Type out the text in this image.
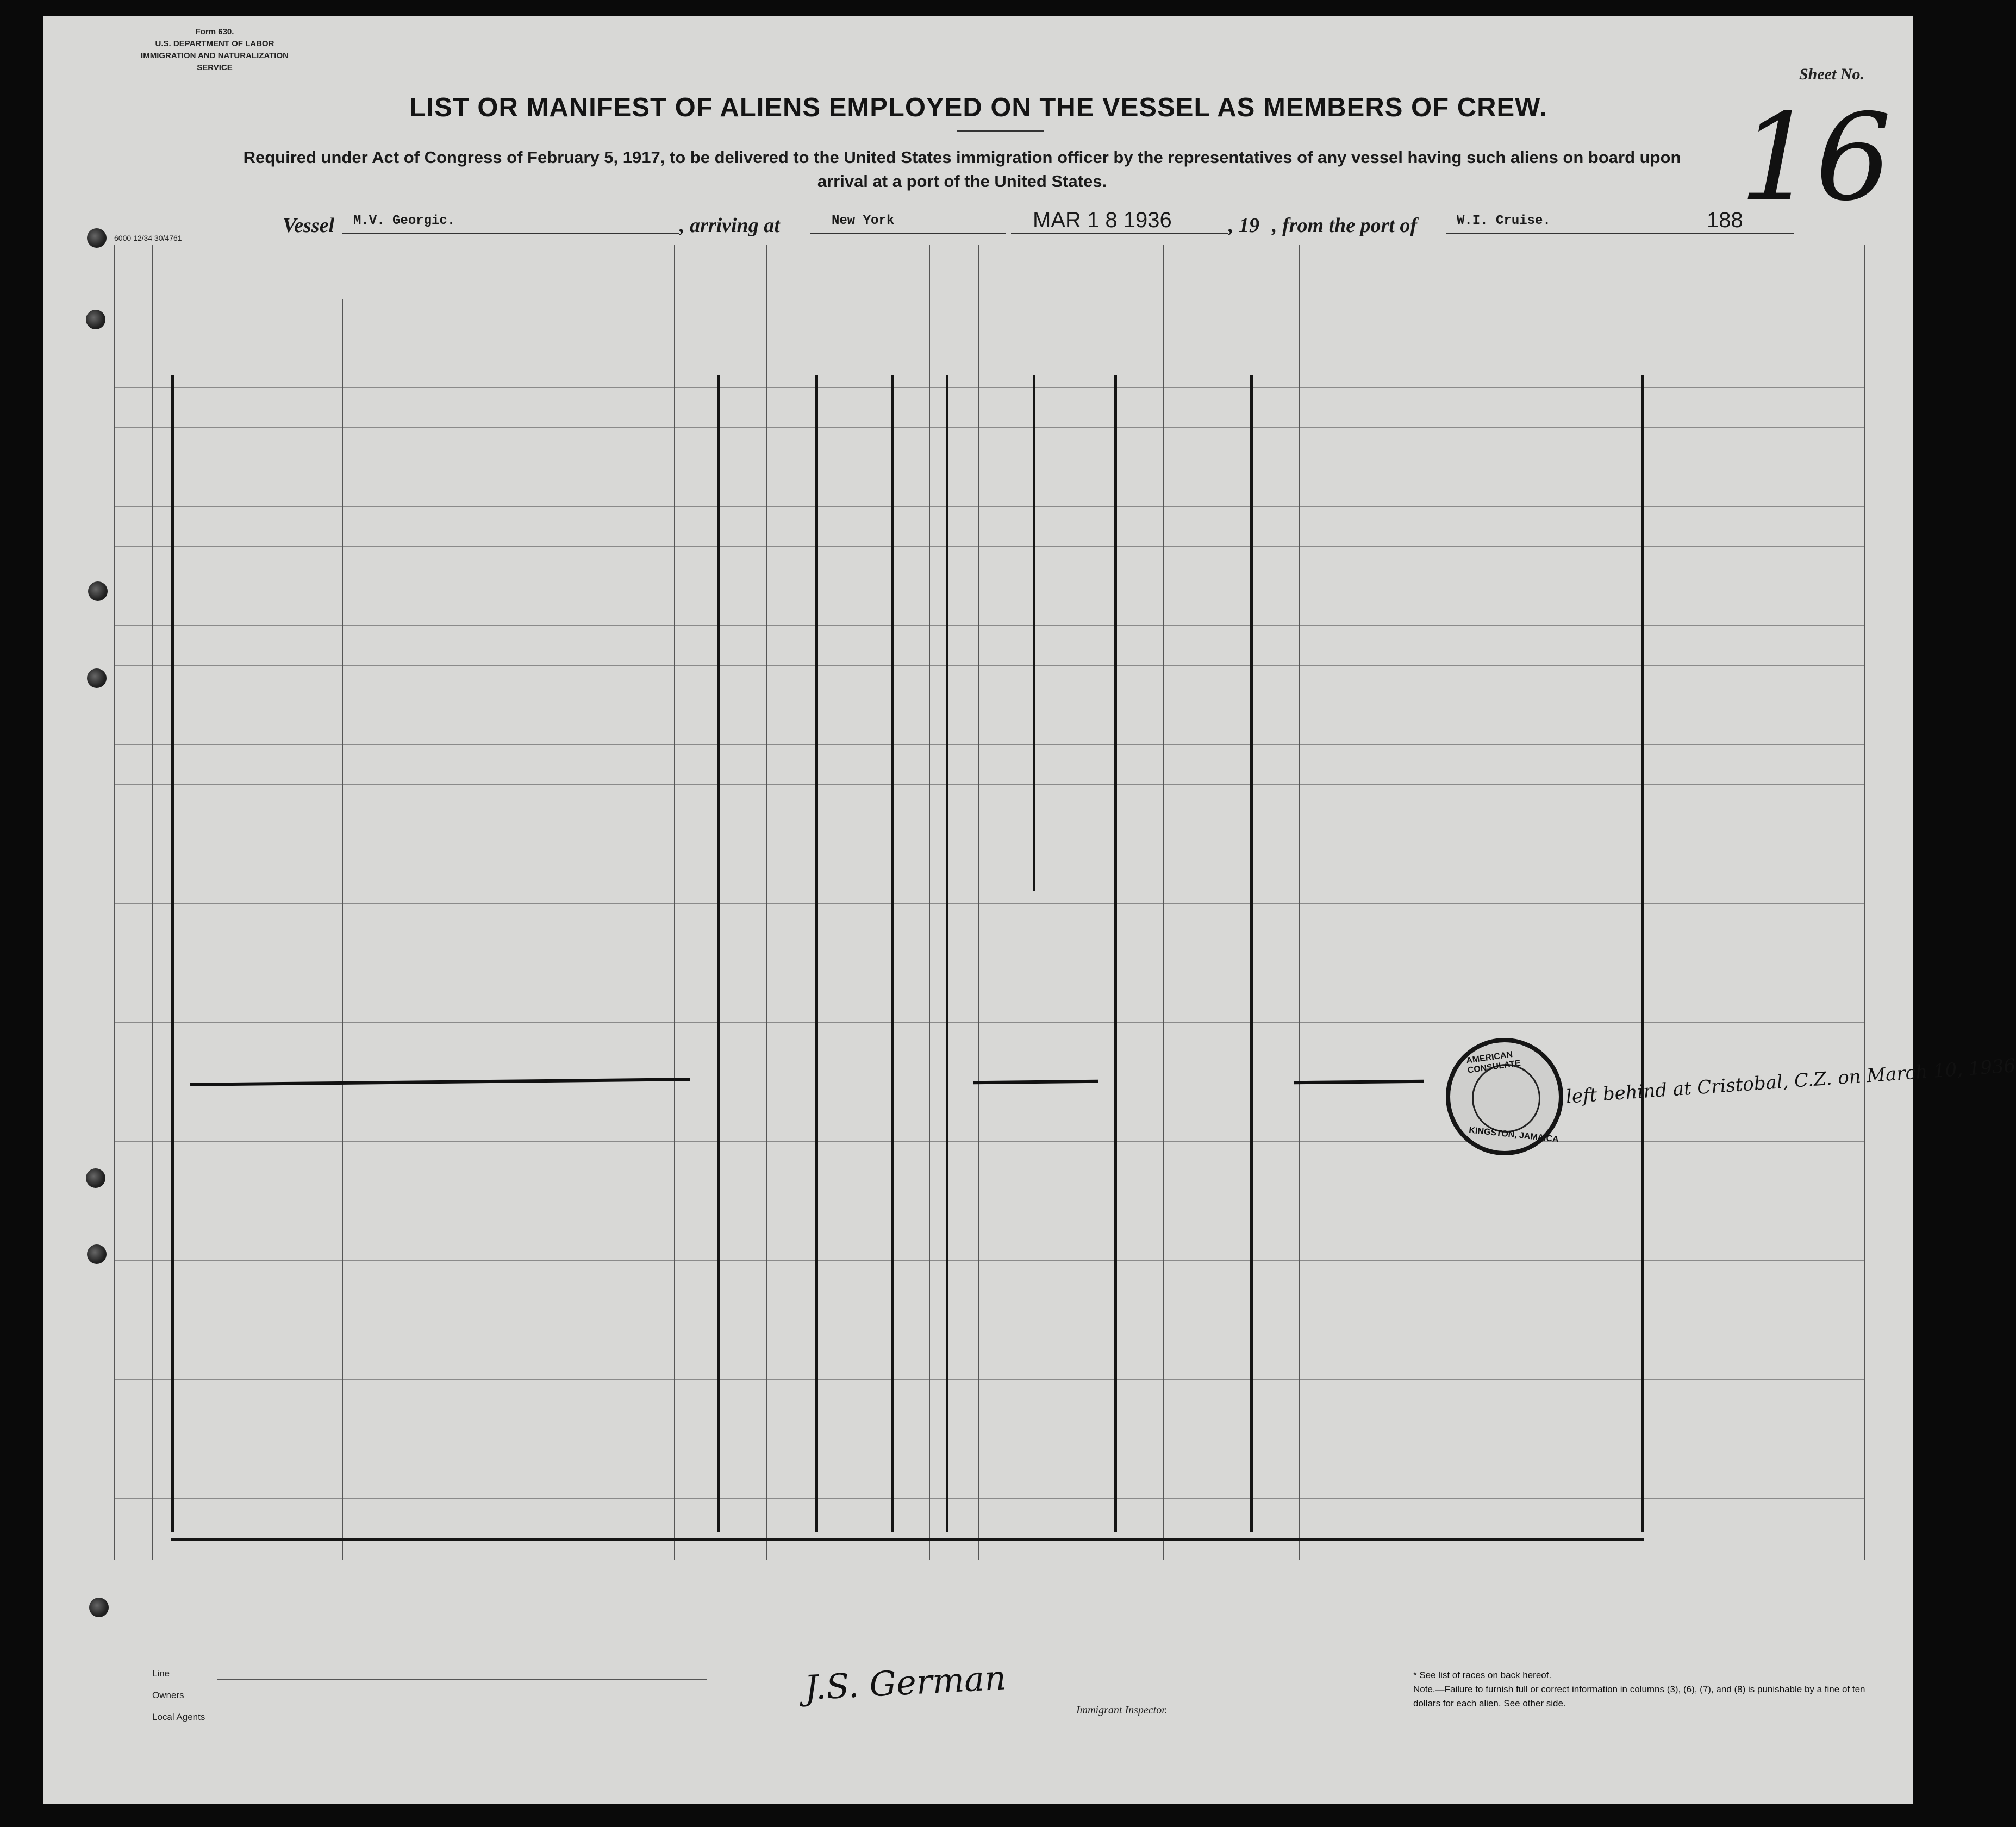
Form 630.
U.S. DEPARTMENT OF LABOR
IMMIGRATION AND NATURALIZATION SERVICE	Sheet No.
16
LIST OR MANIFEST OF ALIENS EMPLOYED ON THE VESSEL AS MEMBERS OF CREW.
Required under Act of Congress of February 5, 1917, to be delivered to the United States immigration officer by the representatives of any vessel having such aliens on board upon arrival at a port of the United States.
Vessel M.V. Georgic.	, arriving at	New York	MAR 1 8 1936	, 19 , from the port of	W.I. Cruise.	188
6000 12/34 30/4761
AMERICAN CONSULATE
KINGSTON, JAMAICA
left behind at Cristobal, C.Z. on March 10, 1936
Line
Owners
Local Agents
J.S. German
Immigrant Inspector.
* See list of races on back hereof.
Note.—Failure to furnish full or correct information in columns (3), (6), (7), and (8) is punishable by a fine of ten dollars for each alien. See other side.
